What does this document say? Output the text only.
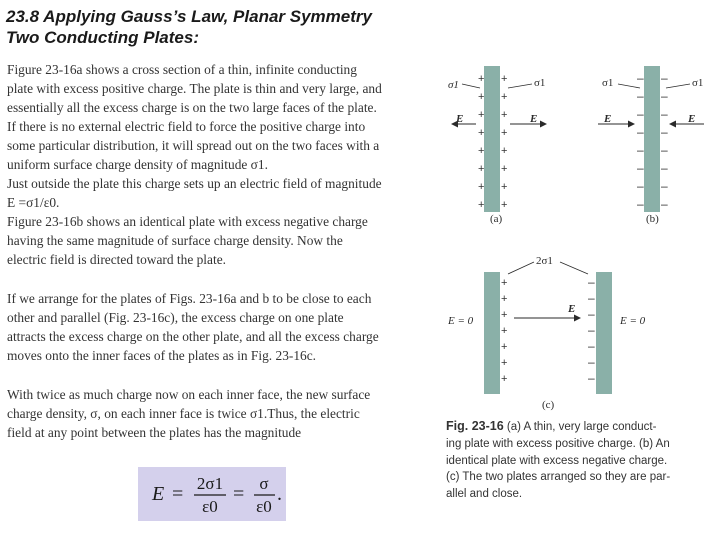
23.8 Applying Gauss’s Law, Planar Symmetry
Two Conducting Plates:
Figure 23-16a shows a cross section of a thin, infinite conducting
plate with excess positive charge. The plate is thin and very large, and
essentially all the excess charge is on the two large faces of the plate.
If there is no external electric field to force the positive charge into
some particular distribution, it will spread out on the two faces with a
uniform surface charge density of magnitude σ1.
Just outside the plate this charge sets up an electric field of magnitude
E =σ1/ε0.
Figure 23-16b shows an identical plate with excess negative charge
having the same magnitude of surface charge density. Now the
electric field is directed toward the plate.
If we arrange for the plates of Figs. 23-16a and b to be close to each
other and parallel (Fig. 23-16c), the excess charge on one plate
attracts the excess charge on the other plate, and all the excess charge
moves onto the inner faces of the plates as in Fig. 23-16c.
With twice as much charge now on each inner face, the new surface
charge density, σ, on each inner face is twice σ1.Thus, the electric
field at any point between the plates has the magnitude
E = 2σ1
ε0
= σ
ε0
.
+
+
+
+
+
+
+
+
+
+
+
+
+
+
+
+
σ1	σ1
E	E
(a)
–
–
–
–
–
–
–
–
–
–
–
–
–
–
–
–
σ1	σ1
E	E
(b)
+
+
+
+
+
+
+
–
–
–
–
–
–
–
2σ1
E
E = 0	E = 0
(c)
Fig. 23-16 (a) A thin, very large conduct-
ing plate with excess positive charge. (b) An
identical plate with excess negative charge.
(c) The two plates arranged so they are par-
allel and close.
